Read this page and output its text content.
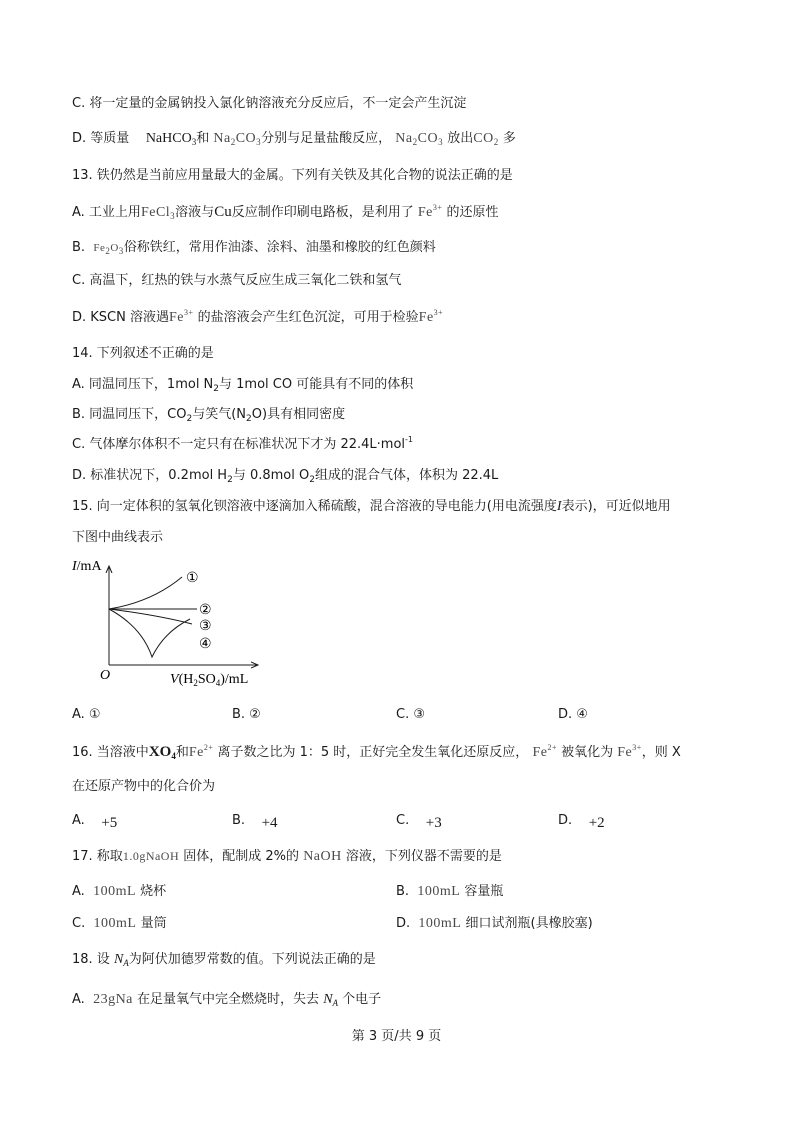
C. 将一定量的金属钠投入氯化钠溶液充分反应后，不一定会产生沉淀
D. 等质量 NaHCO$_3$和 $Na_2CO_3$分别与足量盐酸反应， $Na_2CO_3$ 放出$CO_2$ 多
13. 铁仍然是当前应用量最大的金属。下列有关铁及其化合物的说法正确的是
A. 工业上用FeCl$_3$溶液与Cu反应制作印刷电路板，是利用了 $Fe^{3+}$ 的还原性
B. $Fe_2O_3$俗称铁红，常用作油漆、涂料、油墨和橡胶的红色颜料
C. 高温下，红热的铁与水蒸气反应生成三氧化二铁和氢气
D. KSCN 溶液遇$Fe^{3+}$ 的盐溶液会产生红色沉淀，可用于检验$Fe^{3+}$
14. 下列叙述不正确的是
A. 同温同压下，1mol $N_2$与 1mol CO 可能具有不同的体积
B. 同温同压下，$CO_2$与笑气$(N_2O)$具有相同密度
C. 气体摩尔体积不一定只有在标准状况下才为 22.4L·mol$^{-1}$
D. 标准状况下，0.2mol $H_2$与 0.8mol $O_2$组成的混合气体，体积为 22.4L
15. 向一定体积的氢氧化钡溶液中逐滴加入稀硫酸，混合溶液的导电能力(用电流强度I表示)，可近似地用
下图中曲线表示
I/mA
O	$V(H_2SO_4)/mL$
①
②
③
④
A. ①	B. ②	C. ③	D. ④
16. 当溶液中$XO_4$和$Fe^{2+}$ 离子数之比为 1：5 时，正好完全发生氧化还原反应， $Fe^{2+}$ 被氧化为 $Fe^{3+}$，则 X
在还原产物中的化合价为
A. +5	B. +4	C. +3	D. +2
17. 称取1.0gNaOH 固体，配制成 2%的 NaOH 溶液，下列仪器不需要的是
A. 100mL 烧杯	B. 100mL 容量瓶
C. 100mL 量筒	D. 100mL 细口试剂瓶(具橡胶塞)
18. 设 $N_A$为阿伏加德罗常数的值。下列说法正确的是
A. 23gNa 在足量氧气中完全燃烧时，失去 $N_A$ 个电子
第 3 页/共 9 页
